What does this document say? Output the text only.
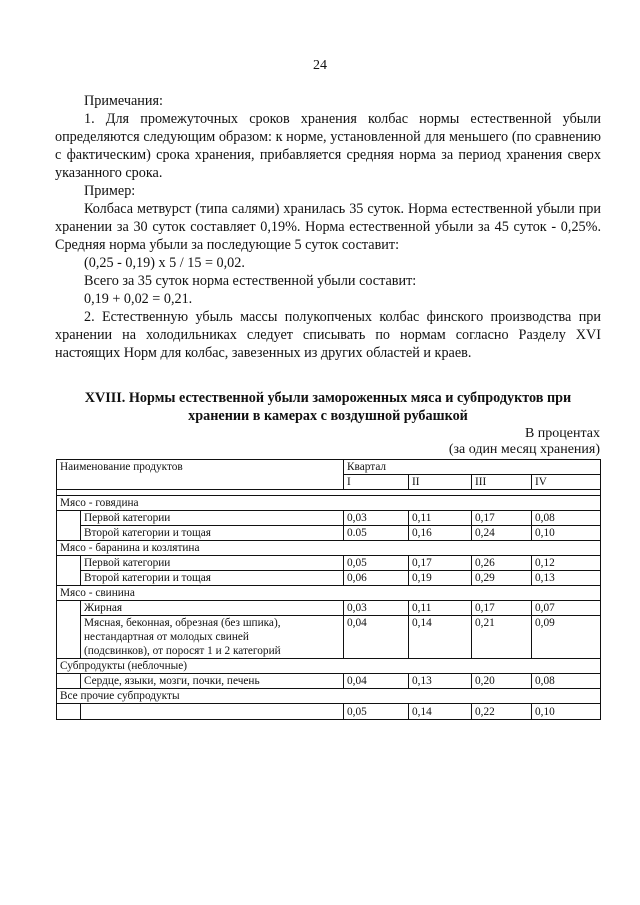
24

Примечания:

1. Для промежуточных сроков хранения колбас нормы естественной убыли определяются следующим образом: к норме, установленной для меньшего (по сравнению с фактическим) срока хранения, прибавляется средняя норма за период хранения сверх указанного срока.

Пример:

Колбаса метвурст (типа салями) хранилась 35 суток. Норма естественной убыли при хранении за 30 суток составляет 0,19%. Норма естественной убыли за 45 суток - 0,25%. Средняя норма убыли за последующие 5 суток составит:

(0,25 - 0,19) х 5 / 15 = 0,02.

Всего за 35 суток норма естественной убыли составит:

0,19 + 0,02 = 0,21.

2. Естественную убыль массы полукопченых колбас финского производства при хранении на холодильниках следует списывать по нормам согласно Разделу XVI настоящих Норм для колбас, завезенных из других областей и краев.

XVIII. Нормы естественной убыли замороженных мяса и субпродуктов при
хранении в камерах с воздушной рубашкой
В процентах
(за один месяц хранения)
Наименование продуктов		Квартал			
		I	II	III	IV

Мясо - говядина					
	Первой категории	0,03	0,11	0,17	0,08
	Второй категории и тощая	0.05	0,16	0,24	0,10
Мясо - баранина и козлятина					
	Первой категории	0,05	0,17	0,26	0,12
	Второй категории и тощая	0,06	0,19	0,29	0,13
Мясо - свинина					
	Жирная	0,03	0,11	0,17	0,07

	Мясная, беконная, обрезная (без шпика),
нестандартная от молодых свиней
(подсвинков), от поросят 1 и 2 категорий	0,04	0,14	0,21	0,09
Субпродукты (неблочные)					
	Сердце, языки, мозги, почки, печень	0,04	0,13	0,20	0,08
Все прочие субпродукты					
		0,05	0,14	0,22	0,10
